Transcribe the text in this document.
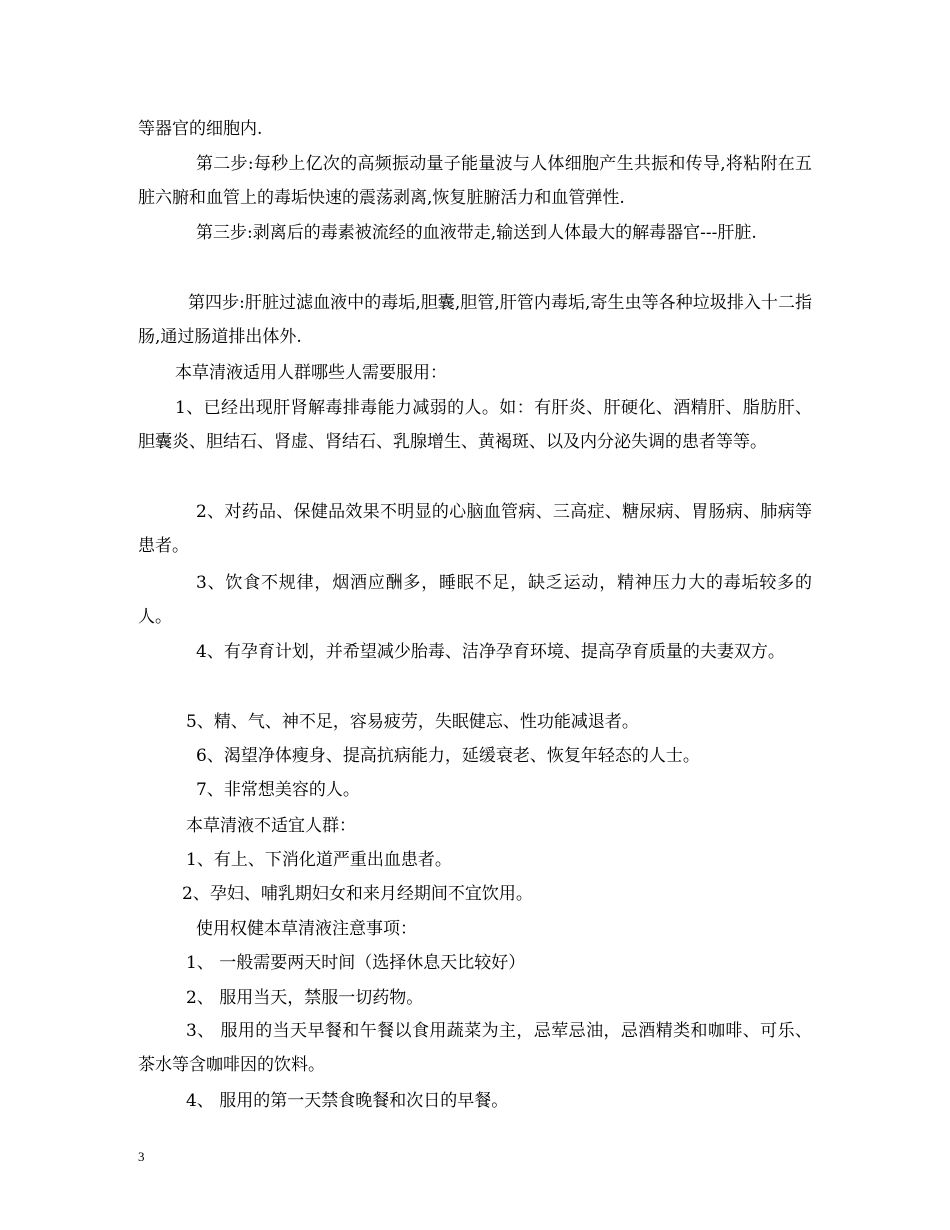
等器官的细胞内.

第二步:每秒上亿次的高频振动量子能量波与人体细胞产生共振和传导,将粘附在五脏六腑和血管上的毒垢快速的震荡剥离,恢复脏腑活力和血管弹性.

第三步:剥离后的毒素被流经的血液带走,输送到人体最大的解毒器官---肝脏.

第四步:肝脏过滤血液中的毒垢,胆囊,胆管,肝管内毒垢,寄生虫等各种垃圾排入十二指肠,通过肠道排出体外.

本草清液适用人群哪些人需要服用：

1、已经出现肝肾解毒排毒能力减弱的人。如：有肝炎、肝硬化、酒精肝、脂肪肝、胆囊炎、胆结石、肾虚、肾结石、乳腺增生、黄褐斑、以及内分泌失调的患者等等。

2、对药品、保健品效果不明显的心脑血管病、三高症、糖尿病、胃肠病、肺病等患者。

3、饮食不规律，烟酒应酬多，睡眠不足，缺乏运动，精神压力大的毒垢较多的人。

4、有孕育计划，并希望减少胎毒、洁净孕育环境、提高孕育质量的夫妻双方。

5、精、气、神不足，容易疲劳，失眠健忘、性功能减退者。

6、渴望净体瘦身、提高抗病能力，延缓衰老、恢复年轻态的人士。

7、非常想美容的人。

本草清液不适宜人群：

1、有上、下消化道严重出血患者。

2、孕妇、哺乳期妇女和来月经期间不宜饮用。

使用权健本草清液注意事项：

1、 一般需要两天时间（选择休息天比较好）

2、 服用当天，禁服一切药物。

3、 服用的当天早餐和午餐以食用蔬菜为主，忌荤忌油，忌酒精类和咖啡、可乐、茶水等含咖啡因的饮料。

4、 服用的第一天禁食晚餐和次日的早餐。

3
